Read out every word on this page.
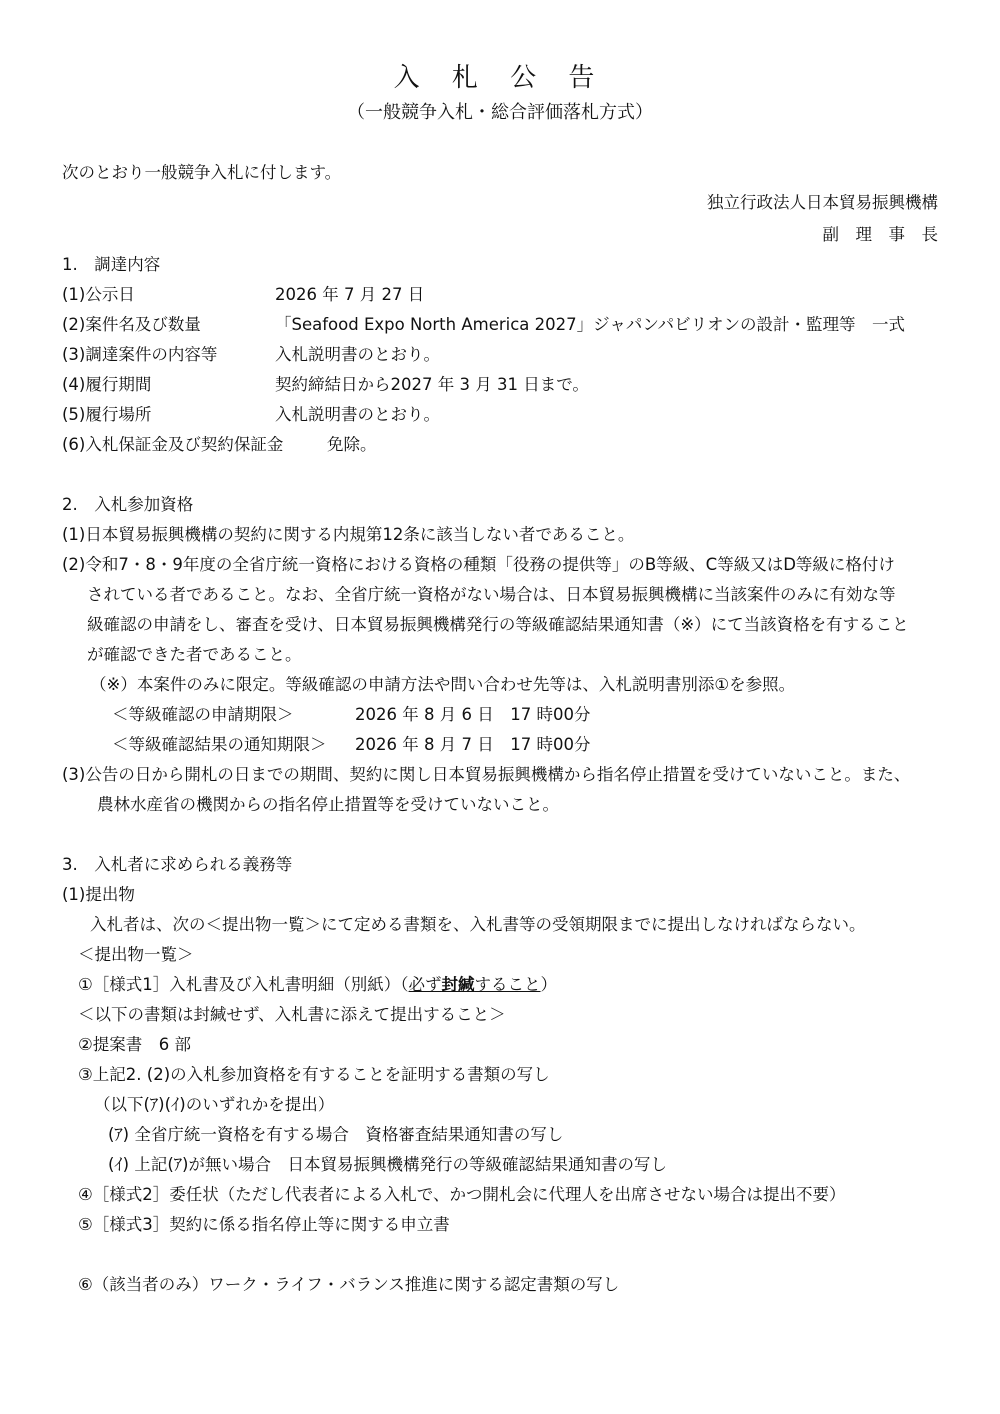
入 札 公 告
（一般競争入札・総合評価落札方式）
次のとおり一般競争入札に付します。
独立行政法人日本貿易振興機構
副　理　事　長
1.　調達内容
(1)公示日	2026 年 7 月 27 日
(2)案件名及び数量	「Seafood Expo North America 2027」ジャパンパビリオンの設計・監理等　一式
(3)調達案件の内容等	入札説明書のとおり。
(4)履行期間	契約締結日から2027 年 3 月 31 日まで。
(5)履行場所	入札説明書のとおり。
(6)入札保証金及び契約保証金	免除。
2.　入札参加資格
(1)日本貿易振興機構の契約に関する内規第12条に該当しない者であること。
(2)令和7・8・9年度の全省庁統一資格における資格の種類「役務の提供等」のB等級、C等級又はD等級に格付け
されている者であること。なお、全省庁統一資格がない場合は、日本貿易振興機構に当該案件のみに有効な等
級確認の申請をし、審査を受け、日本貿易振興機構発行の等級確認結果通知書（※）にて当該資格を有すること
が確認できた者であること。
（※）本案件のみに限定。等級確認の申請方法や問い合わせ先等は、入札説明書別添①を参照。
＜等級確認の申請期限＞	2026 年 8 月 6 日　17 時00分
＜等級確認結果の通知期限＞ 2026 年 8 月 7 日　17 時00分
(3)公告の日から開札の日までの期間、契約に関し日本貿易振興機構から指名停止措置を受けていないこと。また、
農林水産省の機関からの指名停止措置等を受けていないこと。
3.　入札者に求められる義務等
(1)提出物
入札者は、次の＜提出物一覧＞にて定める書類を、入札書等の受領期限までに提出しなければならない。
＜提出物一覧＞
①［様式1］入札書及び入札書明細（別紙）（必ず封緘すること）
＜以下の書類は封緘せず、入札書に添えて提出すること＞
②提案書　6 部
③上記2. (2)の入札参加資格を有することを証明する書類の写し
（以下(ｱ)(ｲ)のいずれかを提出）
(ｱ) 全省庁統一資格を有する場合　資格審査結果通知書の写し
(ｲ) 上記(ｱ)が無い場合　日本貿易振興機構発行の等級確認結果通知書の写し
④［様式2］委任状（ただし代表者による入札で、かつ開札会に代理人を出席させない場合は提出不要）
⑤［様式3］契約に係る指名停止等に関する申立書
⑥（該当者のみ）ワーク・ライフ・バランス推進に関する認定書類の写し
